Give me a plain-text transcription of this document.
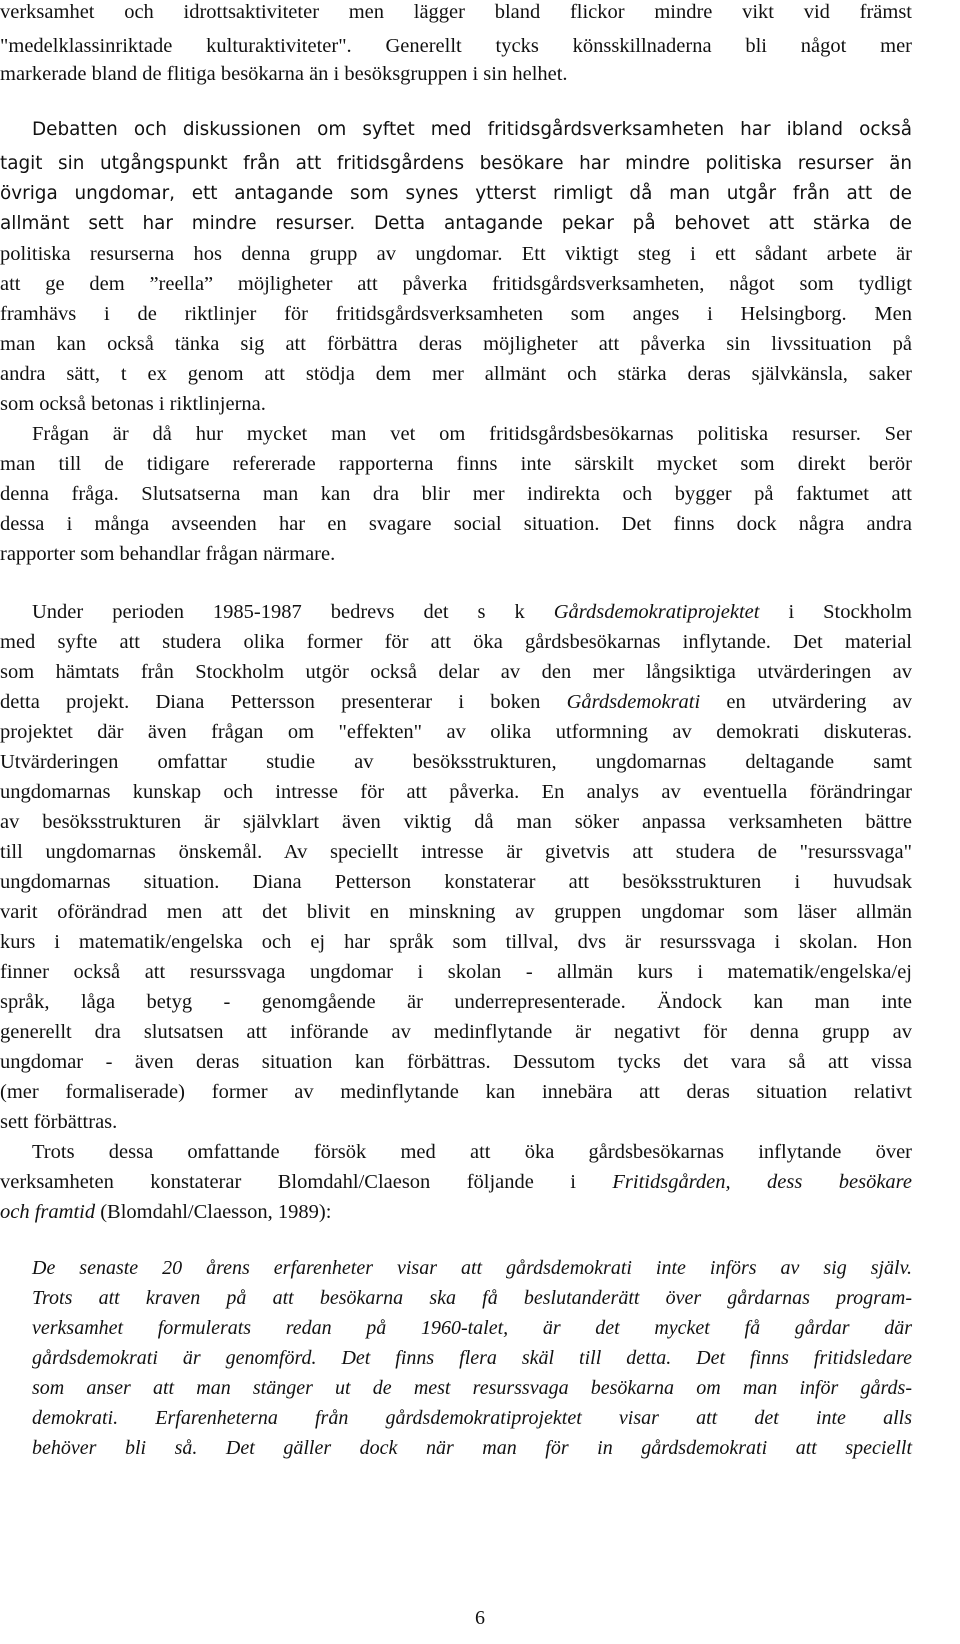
verksamhet och idrottsaktiviteter men lägger bland flickor mindre vikt vid främst
"medelklassinriktade kulturaktiviteter". Generellt tycks könsskillnaderna bli något mer
markerade bland de flitiga besökarna än i besöksgruppen i sin helhet.
Debatten och diskussionen om syftet med fritidsgårdsverksamheten har ibland också
tagit sin utgångspunkt från att fritidsgårdens besökare har mindre politiska resurser än
övriga ungdomar, ett antagande som synes ytterst rimligt då man utgår från att de
allmänt sett har mindre resurser. Detta antagande pekar på behovet att stärka de
politiska resurserna hos denna grupp av ungdomar. Ett viktigt steg i ett sådant arbete är
att ge dem ”reella” möjligheter att påverka fritidsgårdsverksamheten, något som tydligt
framhävs i de riktlinjer för fritidsgårdsverksamheten som anges i Helsingborg. Men
man kan också tänka sig att förbättra deras möjligheter att påverka sin livssituation på
andra sätt, t ex genom att stödja dem mer allmänt och stärka deras självkänsla, saker
som också betonas i riktlinjerna.
Frågan är då hur mycket man vet om fritidsgårdsbesökarnas politiska resurser. Ser
man till de tidigare refererade rapporterna finns inte särskilt mycket som direkt berör
denna fråga. Slutsatserna man kan dra blir mer indirekta och bygger på faktumet att
dessa i många avseenden har en svagare social situation. Det finns dock några andra
rapporter som behandlar frågan närmare.
Under perioden 1985-1987 bedrevs det s k Gårdsdemokratiprojektet i Stockholm
med syfte att studera olika former för att öka gårdsbesökarnas inflytande. Det material
som hämtats från Stockholm utgör också delar av den mer långsiktiga utvärderingen av
detta projekt. Diana Pettersson presenterar i boken Gårdsdemokrati en utvärdering av
projektet där även frågan om "effekten" av olika utformning av demokrati diskuteras.
Utvärderingen omfattar studie av besöksstrukturen, ungdomarnas deltagande samt
ungdomarnas kunskap och intresse för att påverka. En analys av eventuella förändringar
av besöksstrukturen är självklart även viktig då man söker anpassa verksamheten bättre
till ungdomarnas önskemål. Av speciellt intresse är givetvis att studera de "resurssvaga"
ungdomarnas situation. Diana Petterson konstaterar att besöksstrukturen i huvudsak
varit oförändrad men att det blivit en minskning av gruppen ungdomar som läser allmän
kurs i matematik/engelska och ej har språk som tillval, dvs är resurssvaga i skolan. Hon
finner också att resurssvaga ungdomar i skolan - allmän kurs i matematik/engelska/ej
språk, låga betyg - genomgående är underrepresenterade. Ändock kan man inte
generellt dra slutsatsen att införande av medinflytande är negativt för denna grupp av
ungdomar - även deras situation kan förbättras. Dessutom tycks det vara så att vissa
(mer formaliserade) former av medinflytande kan innebära att deras situation relativt
sett förbättras.
Trots dessa omfattande försök med att öka gårdsbesökarnas inflytande över
verksamheten konstaterar Blomdahl/Claeson följande i Fritidsgården, dess besökare
och framtid (Blomdahl/Claesson, 1989):
De senaste 20 årens erfarenheter visar att gårdsdemokrati inte införs av sig själv.
Trots att kraven på att besökarna ska få beslutanderätt över gårdarnas program-
verksamhet formulerats redan på 1960-talet, är det mycket få gårdar där
gårdsdemokrati är genomförd. Det finns flera skäl till detta. Det finns fritidsledare
som anser att man stänger ut de mest resurssvaga besökarna om man inför gårds-
demokrati. Erfarenheterna från gårdsdemokratiprojektet visar att det inte alls
behöver bli så. Det gäller dock när man för in gårdsdemokrati att speciellt
6
